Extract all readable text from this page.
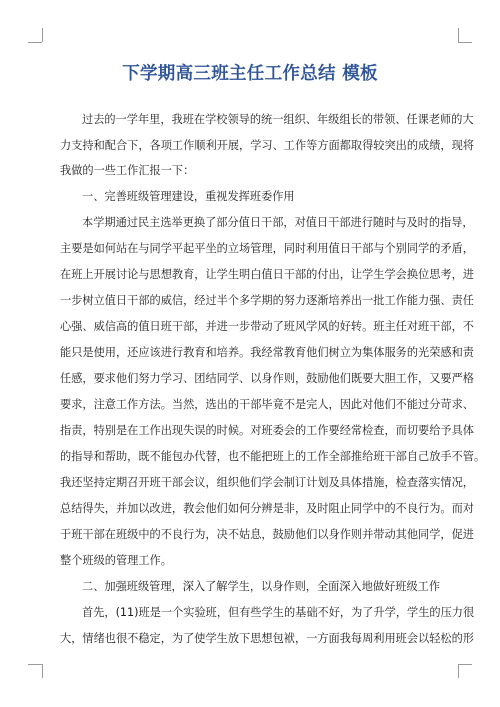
下学期高三班主任工作总结 模板
过去的一学年里，我班在学校领导的统一组织、年级组长的带领、任课老师的大
力支持和配合下，各项工作顺利开展，学习、工作等方面都取得较突出的成绩，现将
我做的一些工作汇报一下：
一、完善班级管理建设，重视发挥班委作用
本学期通过民主选举更换了部分值日干部，对值日干部进行随时与及时的指导，
主要是如何站在与同学平起平坐的立场管理，同时利用值日干部与个别同学的矛盾，
在班上开展讨论与思想教育，让学生明白值日干部的付出，让学生学会换位思考，进
一步树立值日干部的威信，经过半个多学期的努力逐渐培养出一批工作能力强、责任
心强、威信高的值日班干部，并进一步带动了班风学风的好转。班主任对班干部，不
能只是使用，还应该进行教育和培养。我经常教育他们树立为集体服务的光荣感和责
任感，要求他们努力学习、团结同学、以身作则，鼓励他们既要大胆工作，又要严格
要求，注意工作方法。当然，选出的干部毕竟不是完人，因此对他们不能过分苛求、
指责，特别是在工作出现失误的时候。对班委会的工作要经常检查，而切要给予具体
的指导和帮助，既不能包办代替，也不能把班上的工作全部推给班干部自己放手不管。
我还坚持定期召开班干部会议，组织他们学会制订计划及具体措施，检查落实情况，
总结得失，并加以改进，教会他们如何分辨是非，及时阻止同学中的不良行为。而对
于班干部在班级中的不良行为，决不姑息，鼓励他们以身作则并带动其他同学，促进
整个班级的管理工作。
二、加强班级管理，深入了解学生，以身作则，全面深入地做好班级工作
首先，(11)班是一个实验班，但有些学生的基础不好，为了升学，学生的压力很
大，情绪也很不稳定，为了使学生放下思想包袱，一方面我每周利用班会以轻松的形
